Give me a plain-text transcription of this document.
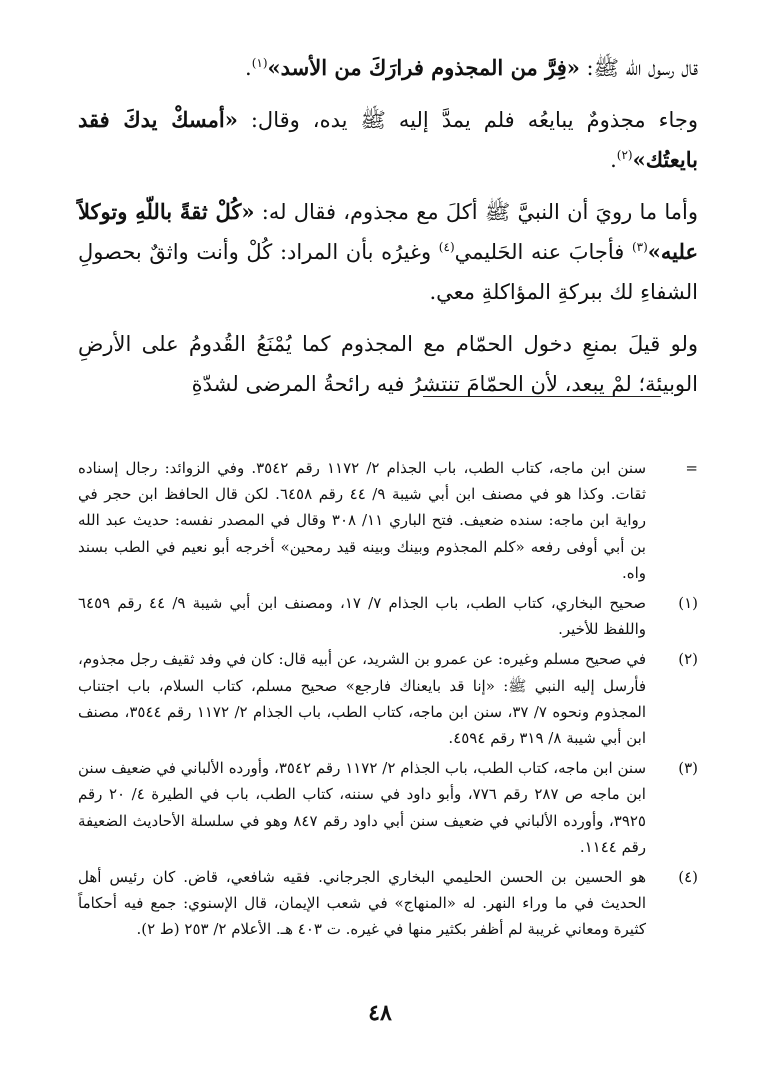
قال رسول الله ﷺ: «فِرَّ من المجذوم فرارَكَ من الأسد»$^{(١)}$.

وجاء مجذومٌ يبايعُه فلم يمدَّ إليه ﷺ يده، وقال: «أمسكْ يدكَ فقد بايعتُك»$^{(٢)}$.

وأما ما رويَ أن النبيَّ ﷺ أكلَ مع مجذوم، فقال له: «كُلْ ثقةً باللّهِ وتوكلاً عليه»$^{(٣)}$ فأجابَ عنه الحَليمي$^{(٤)}$ وغيرُه بأن المراد: كُلْ وأنت واثقٌ بحصولِ الشفاءِ لك ببركةِ المؤاكلةِ معي.

ولو قيلَ بمنعِ دخول الحمّام مع المجذوم كما يُمْنَعُ القُدومُ على الأرضِ الوبيئة؛ لمْ يبعد، لأن الحمّامَ تنتشرُ فيه رائحةُ المرضى لشدّةِ

=
سنن ابن ماجه، كتاب الطب، باب الجذام ٢/ ١١٧٢ رقم ٣٥٤٢. وفي الزوائد: رجال إسناده ثقات. وكذا هو في مصنف ابن أبي شيبة ٩/ ٤٤ رقم ٦٤٥٨. لكن قال الحافظ ابن حجر في رواية ابن ماجه: سنده ضعيف. فتح الباري ١١/ ٣٠٨ وقال في المصدر نفسه: حديث عبد الله بن أبي أوفى رفعه «كلم المجذوم وبينك وبينه قيد رمحين» أخرجه أبو نعيم في الطب بسند واه.
(١)
صحيح البخاري، كتاب الطب، باب الجذام ٧/ ١٧، ومصنف ابن أبي شيبة ٩/ ٤٤ رقم ٦٤٥٩ واللفظ للأخير.
(٢)
في صحيح مسلم وغيره: عن عمرو بن الشريد، عن أبيه قال: كان في وفد ثقيف رجل مجذوم، فأرسل إليه النبي ﷺ: «إنا قد بايعناك فارجع» صحيح مسلم، كتاب السلام، باب اجتناب المجذوم ونحوه ٧/ ٣٧، سنن ابن ماجه، كتاب الطب، باب الجذام ٢/ ١١٧٢ رقم ٣٥٤٤، مصنف ابن أبي شيبة ٨/ ٣١٩ رقم ٤٥٩٤.
(٣)
سنن ابن ماجه، كتاب الطب، باب الجذام ٢/ ١١٧٢ رقم ٣٥٤٢، وأورده الألباني في ضعيف سنن ابن ماجه ص ٢٨٧ رقم ٧٧٦، وأبو داود في سننه، كتاب الطب، باب في الطيرة ٤/ ٢٠ رقم ٣٩٢٥، وأورده الألباني في ضعيف سنن أبي داود رقم ٨٤٧ وهو في سلسلة الأحاديث الضعيفة رقم ١١٤٤.
(٤)
هو الحسين بن الحسن الحليمي البخاري الجرجاني. فقيه شافعي، قاض. كان رئيس أهل الحديث في ما وراء النهر. له «المنهاج» في شعب الإيمان، قال الإسنوي: جمع فيه أحكاماً كثيرة ومعاني غريبة لم أظفر بكثير منها في غيره. ت ٤٠٣ هـ. الأعلام ٢/ ٢٥٣ (ط ٢).
٤٨
